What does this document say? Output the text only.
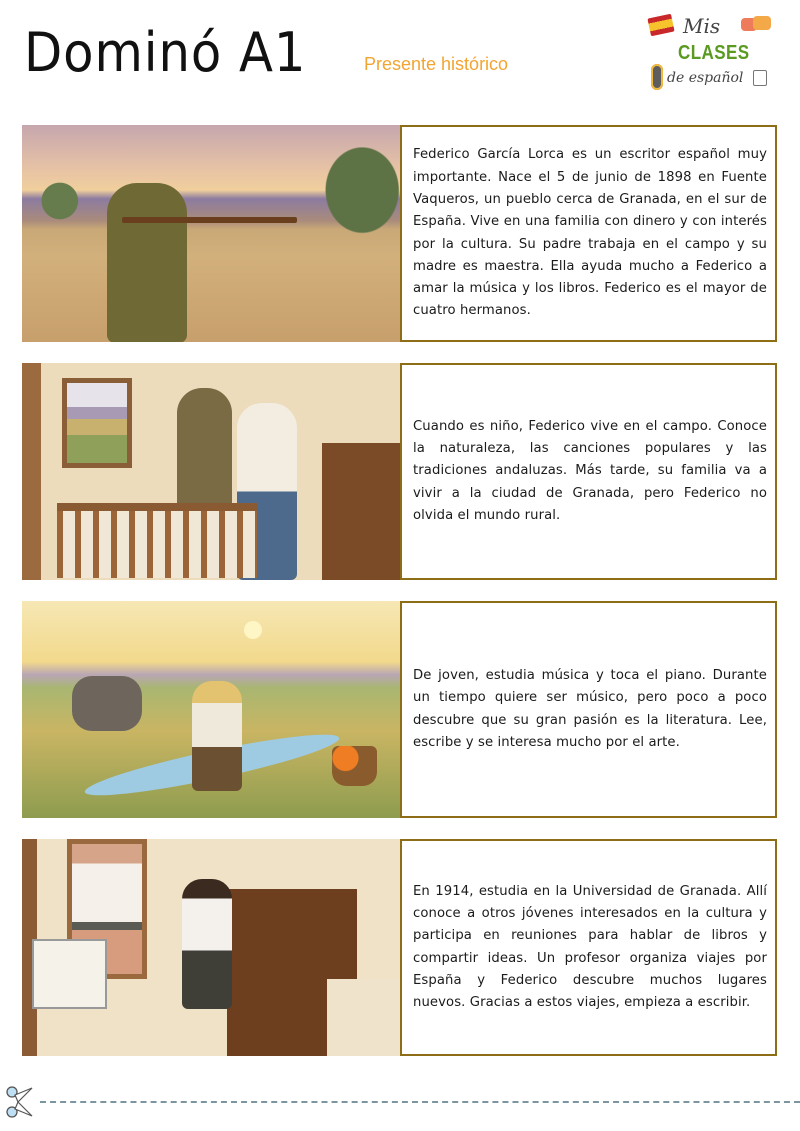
Dominó A1	Presente histórico
Mis
CLASES
de español

Federico García Lorca es un escritor español muy importante. Nace el 5 de junio de 1898 en Fuente Vaqueros, un pueblo cerca de Granada, en el sur de España. Vive en una familia con dinero y con interés por la cultura. Su padre trabaja en el campo y su madre es maestra. Ella ayuda mucho a Federico a amar la música y los libros. Federico es el mayor de cuatro hermanos.

Cuando es niño, Federico vive en el campo. Conoce la naturaleza, las canciones populares y las tradiciones andaluzas. Más tarde, su familia va a vivir a la ciudad de Granada, pero Federico no olvida el mundo rural.

De joven, estudia música y toca el piano. Durante un tiempo quiere ser músico, pero poco a poco descubre que su gran pasión es la literatura. Lee, escribe y se interesa mucho por el arte.

En 1914, estudia en la Universidad de Granada. Allí conoce a otros jóvenes interesados en la cultura y participa en reuniones para hablar de libros y compartir ideas. Un profesor organiza viajes por España y Federico descubre muchos lugares nuevos. Gracias a estos viajes, empieza a escribir.
